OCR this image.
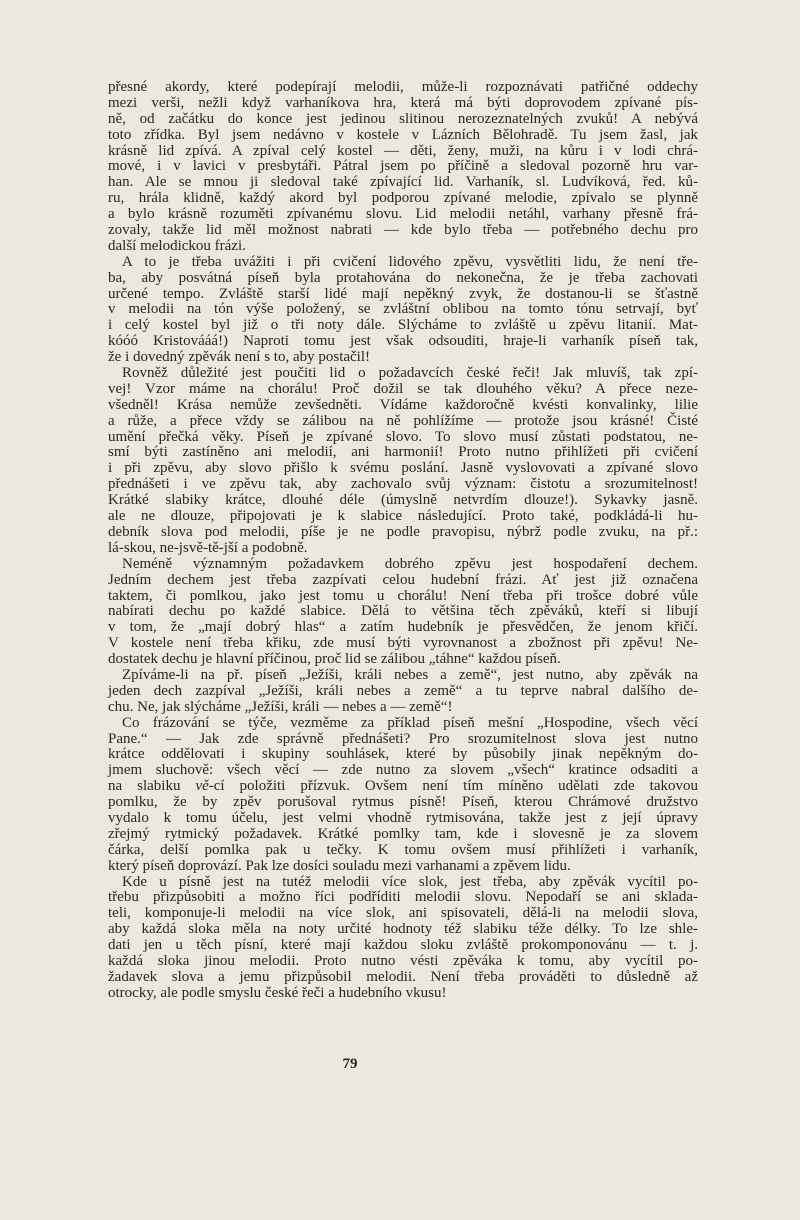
přesné akordy, které podepírají melodii, může-li rozpoznávati patřičné oddechy
mezi verši, nežli když varhaníkova hra, která má býti doprovodem zpívané pís-
ně, od začátku do konce jest jedinou slitinou nerozeznatelných zvuků! A nebývá
toto zřídka. Byl jsem nedávno v kostele v Lázních Bělohradě. Tu jsem žasl, jak
krásně lid zpívá. A zpíval celý kostel — děti, ženy, muži, na kůru i v lodi chrá-
mové, i v lavici v presbytáři. Pátral jsem po příčině a sledoval pozorně hru var-
han. Ale se mnou ji sledoval také zpívající lid. Varhaník, sl. Ludvíková, řed. ků-
ru, hrála klidně, každý akord byl podporou zpívané melodie, zpívalo se plynně
a bylo krásně rozuměti zpívanému slovu. Lid melodii netáhl, varhany přesně frá-
zovaly, takže lid měl možnost nabrati — kde bylo třeba — potřebného dechu pro
další melodickou frázi.
A to je třeba uvážiti i při cvičení lidového zpěvu, vysvětliti lidu, že není tře-
ba, aby posvátná píseň byla protahována do nekonečna, že je třeba zachovati
určené tempo. Zvláště starší lidé mají nepěkný zvyk, že dostanou-li se šťastně
v melodii na tón výše položený, se zvláštní oblibou na tomto tónu setrvají, byť
i celý kostel byl již o tři noty dále. Slýcháme to zvláště u zpěvu litanií. Mat-
kóóó Kristovááá!) Naproti tomu jest však odsouditi, hraje-li varhaník píseň tak,
že i dovedný zpěvák není s to, aby postačil!
Rovněž důležité jest poučiti lid o požadavcích české řeči! Jak mluvíš, tak zpí-
vej! Vzor máme na chorálu! Proč dožil se tak dlouhého věku? A přece neze-
všedněl! Krása nemůže zevšedněti. Vídáme každoročně kvésti konvalinky, lilie
a růže, a přece vždy se zálibou na ně pohlížíme — protože jsou krásné! Čisté
umění přečká věky. Píseň je zpívané slovo. To slovo musí zůstati podstatou, ne-
smí býti zastíněno ani melodií, ani harmonií! Proto nutno přihlížeti při cvičení
i při zpěvu, aby slovo přišlo k svému poslání. Jasně vyslovovati a zpívané slovo
přednášeti i ve zpěvu tak, aby zachovalo svůj význam: čistotu a srozumitelnost!
Krátké slabiky krátce, dlouhé déle (úmyslně netvrdím dlouze!). Sykavky jasně.
ale ne dlouze, připojovati je k slabice následující. Proto také, podkládá-li hu-
debník slova pod melodii, píše je ne podle pravopisu, nýbrž podle zvuku, na př.:
lá-skou, ne-jsvě-tě-jší a podobně.
Neméně významným požadavkem dobrého zpěvu jest hospodaření dechem.
Jedním dechem jest třeba zazpívati celou hudební frázi. Ať jest již označena
taktem, či pomlkou, jako jest tomu u chorálu! Není třeba při trošce dobré vůle
nabírati dechu po každé slabice. Dělá to většina těch zpěváků, kteří si libují
v tom, že „mají dobrý hlas“ a zatím hudebník je přesvědčen, že jenom křičí.
V kostele není třeba křiku, zde musí býti vyrovnanost a zbožnost při zpěvu! Ne-
dostatek dechu je hlavní příčinou, proč lid se zálibou „táhne“ každou píseň.
Zpíváme-li na př. píseň „Ježíši, králi nebes a země“, jest nutno, aby zpěvák na
jeden dech zazpíval „Ježíši, králi nebes a země“ a tu teprve nabral dalšího de-
chu. Ne, jak slýcháme „Ježíši, králi — nebes a — země“!
Co frázování se týče, vezměme za příklad píseň mešní „Hospodine, všech věcí
Pane.“ — Jak zde správně přednášeti? Pro srozumitelnost slova jest nutno
krátce oddělovati i skupiny souhlásek, které by působily jinak nepěkným do-
jmem sluchově: všech věcí — zde nutno za slovem „všech“ kratince odsaditi a
na slabiku vě-cí položiti přízvuk. Ovšem není tím míněno udělati zde takovou
pomlku, že by zpěv porušoval rytmus písně! Píseň, kterou Chrámové družstvo
vydalo k tomu účelu, jest velmi vhodně rytmisována, takže jest z její úpravy
zřejmý rytmický požadavek. Krátké pomlky tam, kde i slovesně je za slovem
čárka, delší pomlka pak u tečky. K tomu ovšem musí přihlížeti i varhaník,
který píseň doprovází. Pak lze dosíci souladu mezi varhanami a zpěvem lidu.
Kde u písně jest na tutéž melodii více slok, jest třeba, aby zpěvák vycítil po-
třebu přizpůsobiti a možno říci podříditi melodii slovu. Nepodaří se ani sklada-
teli, komponuje-li melodii na více slok, ani spisovateli, dělá-li na melodii slova,
aby každá sloka měla na noty určité hodnoty též slabiku téže délky. To lze shle-
dati jen u těch písní, které mají každou sloku zvláště prokomponovánu — t. j.
každá sloka jinou melodii. Proto nutno vésti zpěváka k tomu, aby vycítil po-
žadavek slova a jemu přizpůsobil melodii. Není třeba prováděti to důsledně až
otrocky, ale podle smyslu české řeči a hudebního vkusu!
79
